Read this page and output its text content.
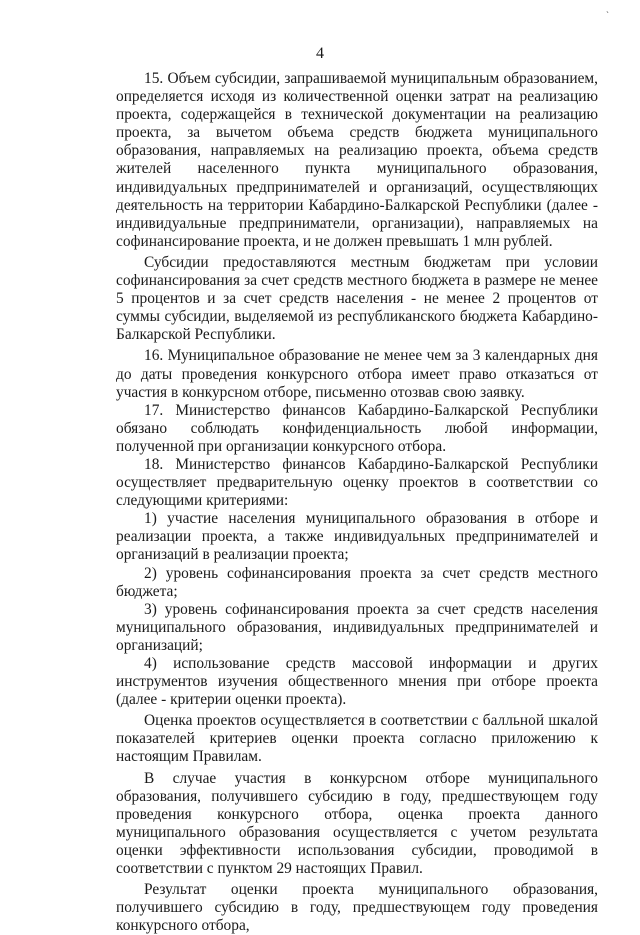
`
4

15. Объем субсидии, запрашиваемой муниципальным образованием, определяется исходя из количественной оценки затрат на реализацию проекта, содержащейся в технической документации на реализацию проекта, за вычетом объема средств бюджета муниципального образования, направляемых на реализацию проекта, объема средств жителей населенного пункта муниципального образования, индивидуальных предпринимателей и организаций, осуществляющих деятельность на территории Кабардино-Балкарской Республики (далее - индивидуальные предприниматели, организации), направляемых на софинансирование проекта, и не должен превышать 1 млн рублей.

Субсидии предоставляются местным бюджетам при условии софинансирования за счет средств местного бюджета в размере не менее 5 процентов и за счет средств населения - не менее 2 процентов от суммы субсидии, выделяемой из республиканского бюджета Кабардино-Балкарской Республики.

16. Муниципальное образование не менее чем за 3 календарных дня до даты проведения конкурсного отбора имеет право отказаться от участия в конкурсном отборе, письменно отозвав свою заявку.

17. Министерство финансов Кабардино-Балкарской Республики обязано соблюдать конфиденциальность любой информации, полученной при организации конкурсного отбора.

18. Министерство финансов Кабардино-Балкарской Республики осуществляет предварительную оценку проектов в соответствии со следующими критериями:

1) участие населения муниципального образования в отборе и реализации проекта, а также индивидуальных предпринимателей и организаций в реализации проекта;

2) уровень софинансирования проекта за счет средств местного бюджета;

3) уровень софинансирования проекта за счет средств населения муниципального образования, индивидуальных предпринимателей и организаций;

4) использование средств массовой информации и других инструментов изучения общественного мнения при отборе проекта (далее - критерии оценки проекта).

Оценка проектов осуществляется в соответствии с балльной шкалой показателей критериев оценки проекта согласно приложению к настоящим Правилам.

В случае участия в конкурсном отборе муниципального образования, получившего субсидию в году, предшествующем году проведения конкурсного отбора, оценка проекта данного муниципального образования осуществляется с учетом результата оценки эффективности использования субсидии, проводимой в соответствии с пунктом 29 настоящих Правил.

Результат оценки проекта муниципального образования, получившего субсидию в году, предшествующем году проведения конкурсного отбора,
